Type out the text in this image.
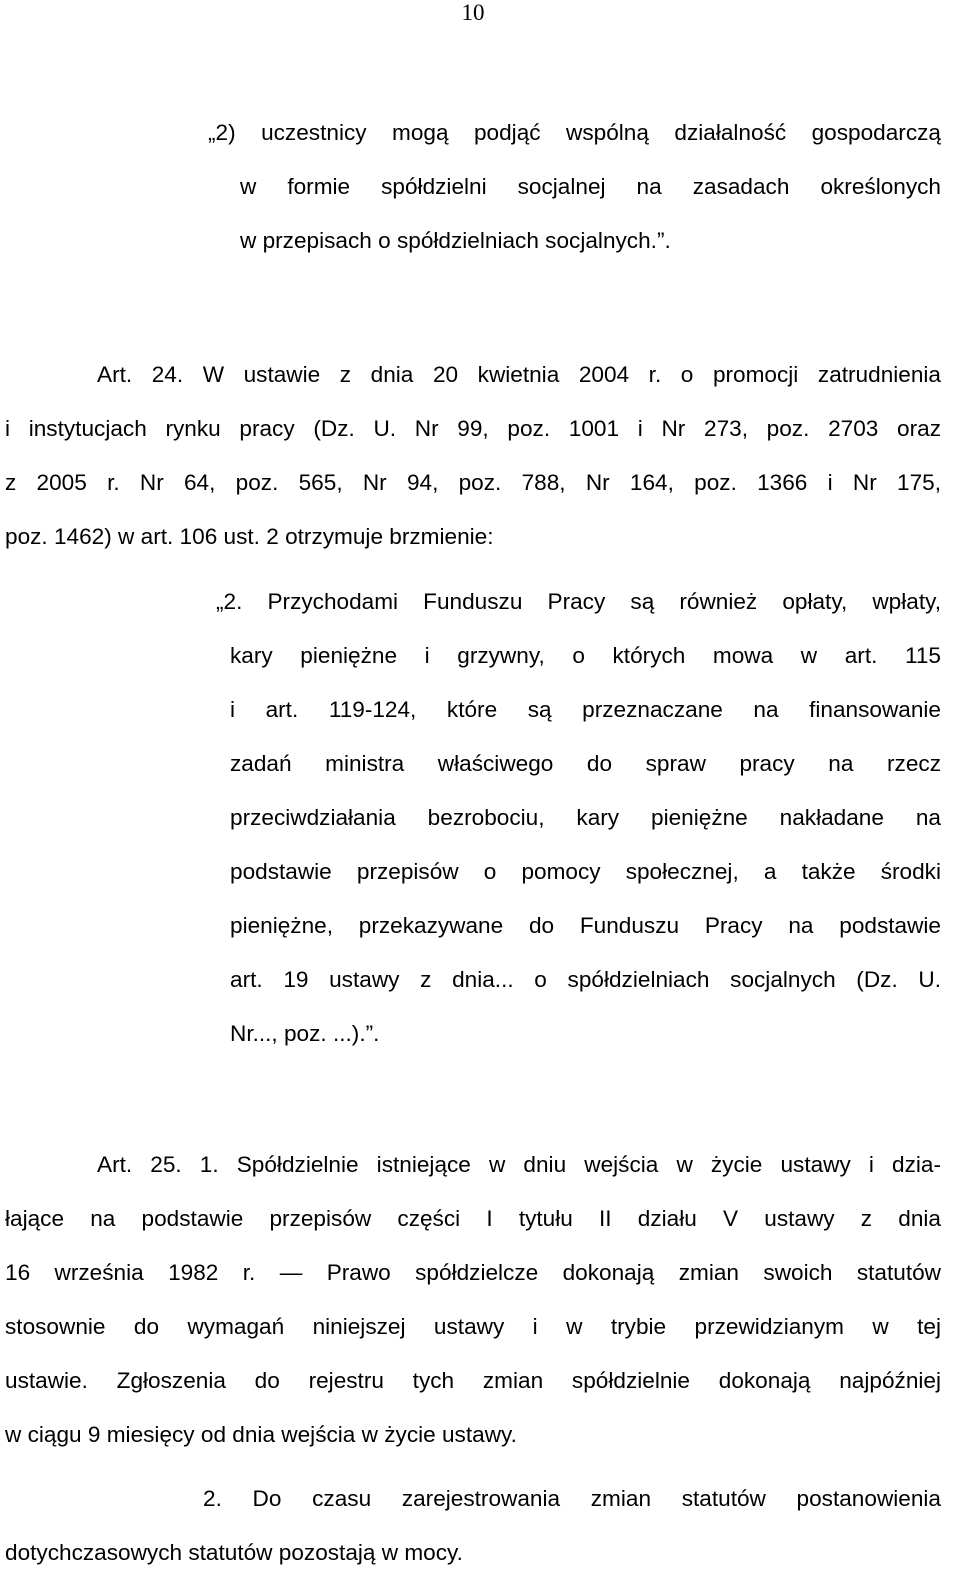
10
„2) uczestnicy mogą podjąć wspólną działalność gospodarczą
w formie spółdzielni socjalnej na zasadach określonych
w przepisach o spółdzielniach socjalnych.”.
Art. 24. W ustawie z dnia 20 kwietnia 2004 r. o promocji zatrudnienia
i instytucjach rynku pracy (Dz. U. Nr 99, poz. 1001 i Nr 273, poz. 2703 oraz
z 2005 r. Nr 64, poz. 565, Nr 94, poz. 788, Nr 164, poz. 1366 i Nr 175,
poz. 1462) w art. 106 ust. 2 otrzymuje brzmienie:
„2. Przychodami Funduszu Pracy są również opłaty, wpłaty,
kary pieniężne i grzywny, o których mowa w art. 115
i art. 119-124, które są przeznaczane na finansowanie
zadań ministra właściwego do spraw pracy na rzecz
przeciwdziałania bezrobociu, kary pieniężne nakładane na
podstawie przepisów o pomocy społecznej, a także środki
pieniężne, przekazywane do Funduszu Pracy na podstawie
art. 19 ustawy z dnia... o spółdzielniach socjalnych (Dz. U.
Nr..., poz. ...).”.
Art. 25. 1. Spółdzielnie istniejące w dniu wejścia w życie ustawy i dzia-
łające na podstawie przepisów części I tytułu II działu V ustawy z dnia
16 września 1982 r. — Prawo spółdzielcze dokonają zmian swoich statutów
stosownie do wymagań niniejszej ustawy i w trybie przewidzianym w tej
ustawie. Zgłoszenia do rejestru tych zmian spółdzielnie dokonają najpóźniej
w ciągu 9 miesięcy od dnia wejścia w życie ustawy.
2. Do czasu zarejestrowania zmian statutów postanowienia
dotychczasowych statutów pozostają w mocy.
